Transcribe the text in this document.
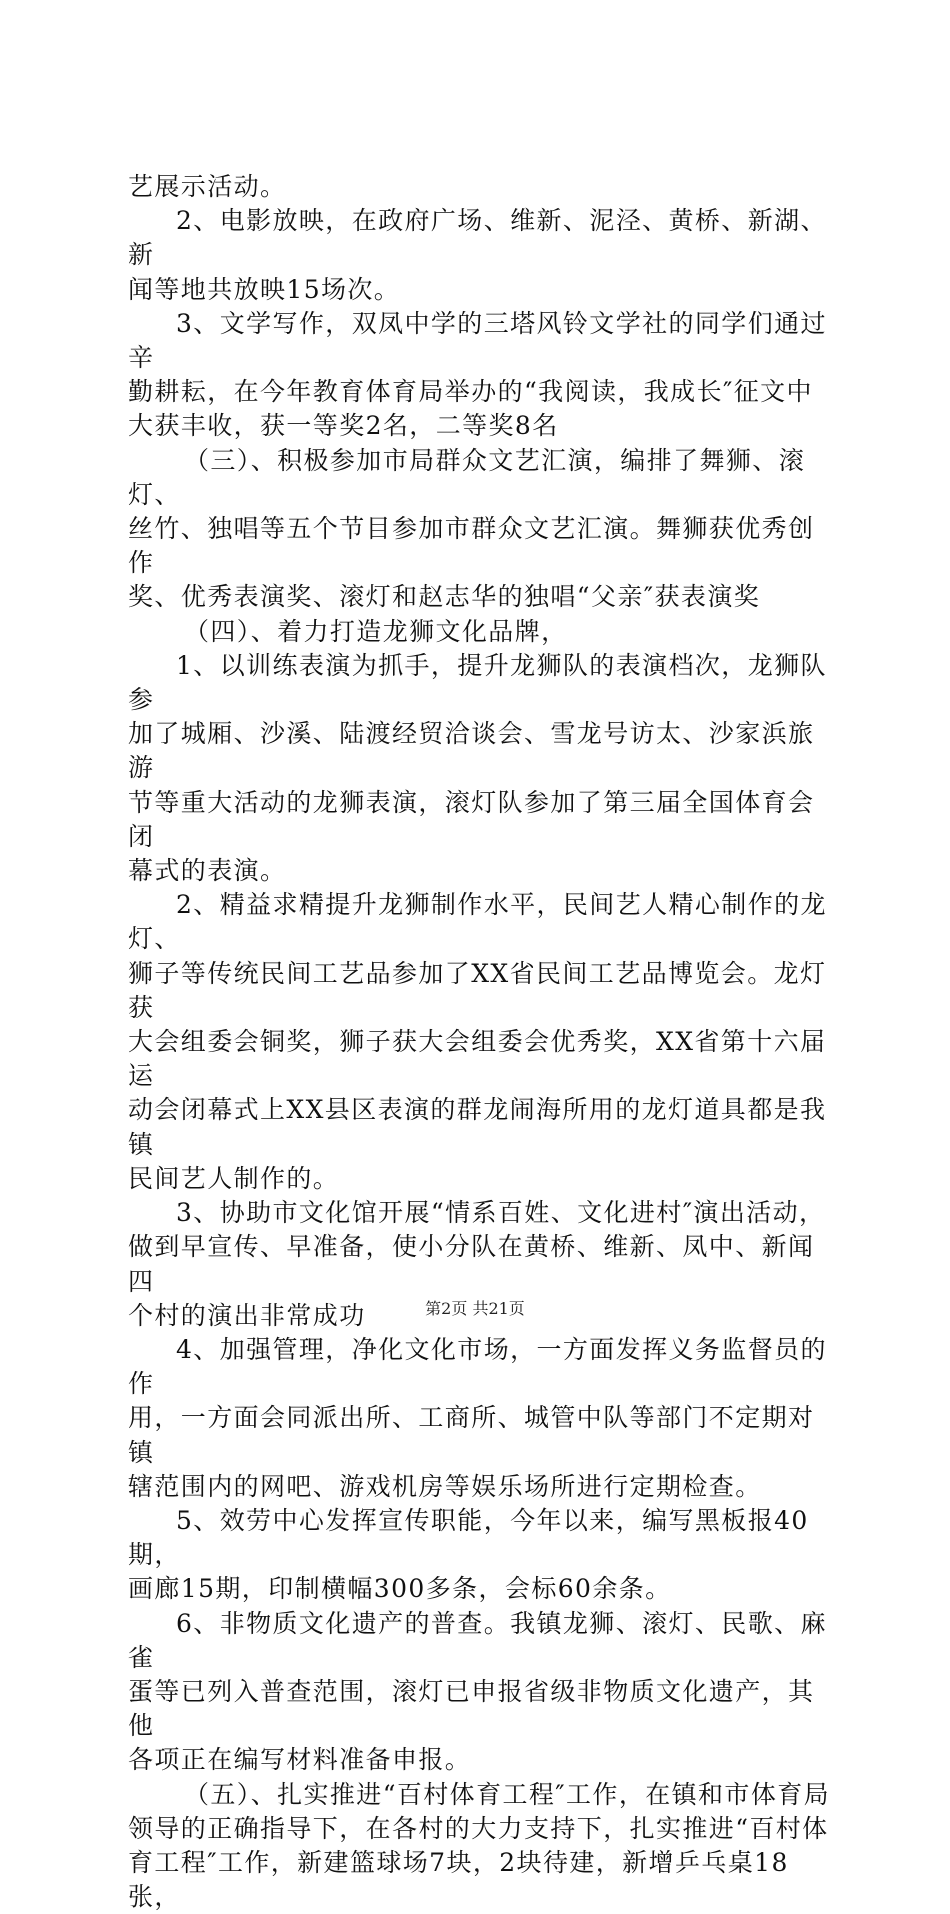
艺展示活动。

2、电影放映，在政府广场、维新、泥泾、黄桥、新湖、新
闻等地共放映15场次。

3、文学写作，双凤中学的三塔风铃文学社的同学们通过辛
勤耕耘，在今年教育体育局举办的“我阅读，我成长″征文中
大获丰收，获一等奖2名，二等奖8名

（三）、积极参加市局群众文艺汇演，编排了舞狮、滚灯、
丝竹、独唱等五个节目参加市群众文艺汇演。舞狮获优秀创作
奖、优秀表演奖、滚灯和赵志华的独唱“父亲″获表演奖

（四）、着力打造龙狮文化品牌，

1、以训练表演为抓手，提升龙狮队的表演档次，龙狮队参
加了城厢、沙溪、陆渡经贸洽谈会、雪龙号访太、沙家浜旅游
节等重大活动的龙狮表演，滚灯队参加了第三届全国体育会闭
幕式的表演。

2、精益求精提升龙狮制作水平，民间艺人精心制作的龙灯、
狮子等传统民间工艺品参加了XX省民间工艺品博览会。龙灯获
大会组委会铜奖，狮子获大会组委会优秀奖，XX省第十六届运
动会闭幕式上XX县区表演的群龙闹海所用的龙灯道具都是我镇
民间艺人制作的。

3、协助市文化馆开展“情系百姓、文化进村″演出活动，
做到早宣传、早准备，使小分队在黄桥、维新、凤中、新闻四
个村的演出非常成功

4、加强管理，净化文化市场，一方面发挥义务监督员的作
用，一方面会同派出所、工商所、城管中队等部门不定期对镇
辖范围内的网吧、游戏机房等娱乐场所进行定期检查。

5、效劳中心发挥宣传职能，今年以来，编写黑板报40期，
画廊15期，印制横幅300多条，会标60余条。

6、非物质文化遗产的普查。我镇龙狮、滚灯、民歌、麻雀
蛋等已列入普查范围，滚灯已申报省级非物质文化遗产，其他
各项正在编写材料准备申报。

（五）、扎实推进“百村体育工程″工作，在镇和市体育局
领导的正确指导下，在各村的大力支持下，扎实推进“百村体
育工程″工作，新建篮球场7块，2块待建，新增乒乓桌18张，

第2页 共21页
